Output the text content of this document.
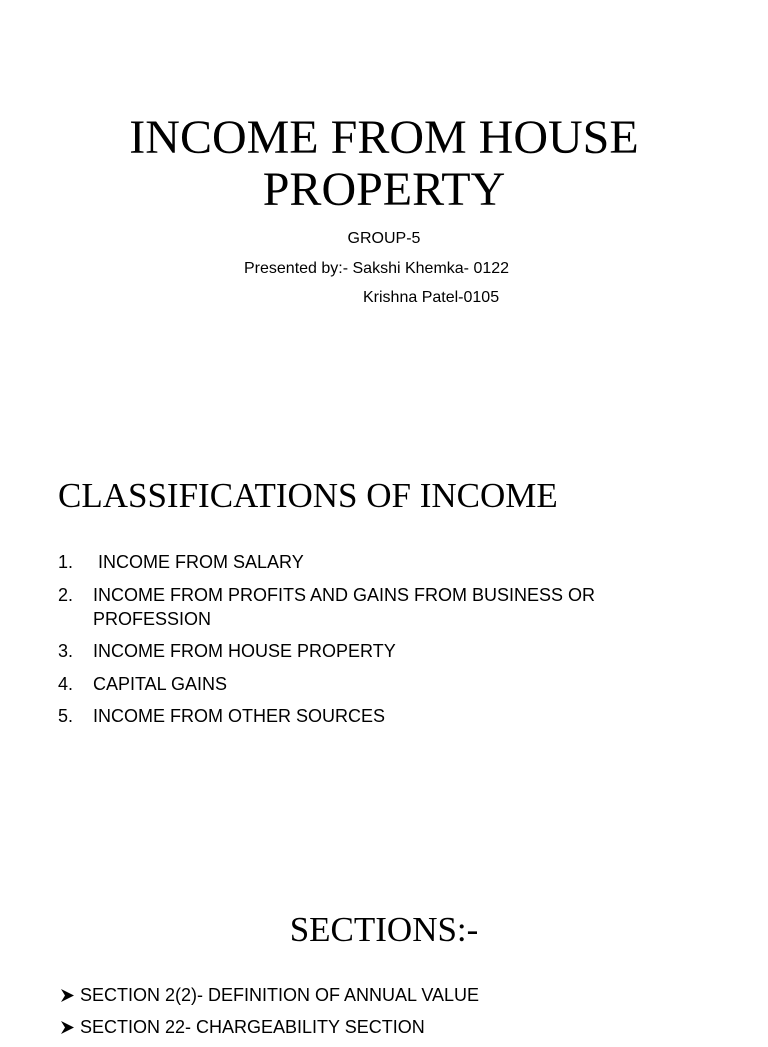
INCOME FROM HOUSE
PROPERTY

GROUP-5

Presented by:- Sakshi Khemka- 0122

Krishna Patel-0105

CLASSIFICATIONS OF INCOME
1.	INCOME FROM SALARY
2.	INCOME FROM PROFITS AND GAINS FROM BUSINESS OR PROFESSION
3.	INCOME FROM HOUSE PROPERTY
4.	CAPITAL GAINS
5.	INCOME FROM OTHER SOURCES
SECTIONS:-
SECTION 2(2)- DEFINITION OF ANNUAL VALUE
SECTION 22- CHARGEABILITY SECTION
